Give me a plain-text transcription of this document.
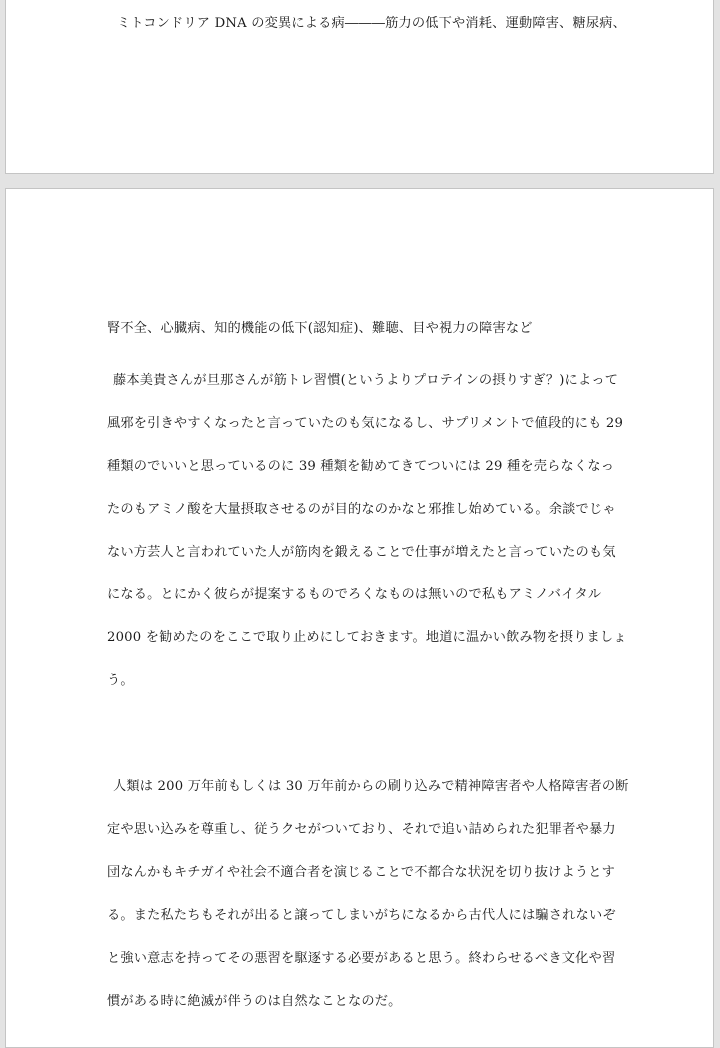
ミトコンドリア DNA の変異による病―――筋力の低下や消耗、運動障害、糖尿病、

腎不全、心臓病、知的機能の低下(認知症)、難聴、目や視力の障害など

藤本美貴さんが旦那さんが筋トレ習慣(というよりプロテインの摂りすぎ？)によって

風邪を引きやすくなったと言っていたのも気になるし、サプリメントで値段的にも 29

種類のでいいと思っているのに 39 種類を勧めてきてついには 29 種を売らなくなっ

たのもアミノ酸を大量摂取させるのが目的なのかなと邪推し始めている。余談でじゃ

ない方芸人と言われていた人が筋肉を鍛えることで仕事が増えたと言っていたのも気

になる。とにかく彼らが提案するものでろくなものは無いので私もアミノバイタル

2000 を勧めたのをここで取り止めにしておきます。地道に温かい飲み物を摂りましょ

う。

人類は 200 万年前もしくは 30 万年前からの刷り込みで精神障害者や人格障害者の断

定や思い込みを尊重し、従うクセがついており、それで追い詰められた犯罪者や暴力

団なんかもキチガイや社会不適合者を演じることで不都合な状況を切り抜けようとす

る。また私たちもそれが出ると譲ってしまいがちになるから古代人には騙されないぞ

と強い意志を持ってその悪習を駆逐する必要があると思う。終わらせるべき文化や習

慣がある時に絶滅が伴うのは自然なことなのだ。
